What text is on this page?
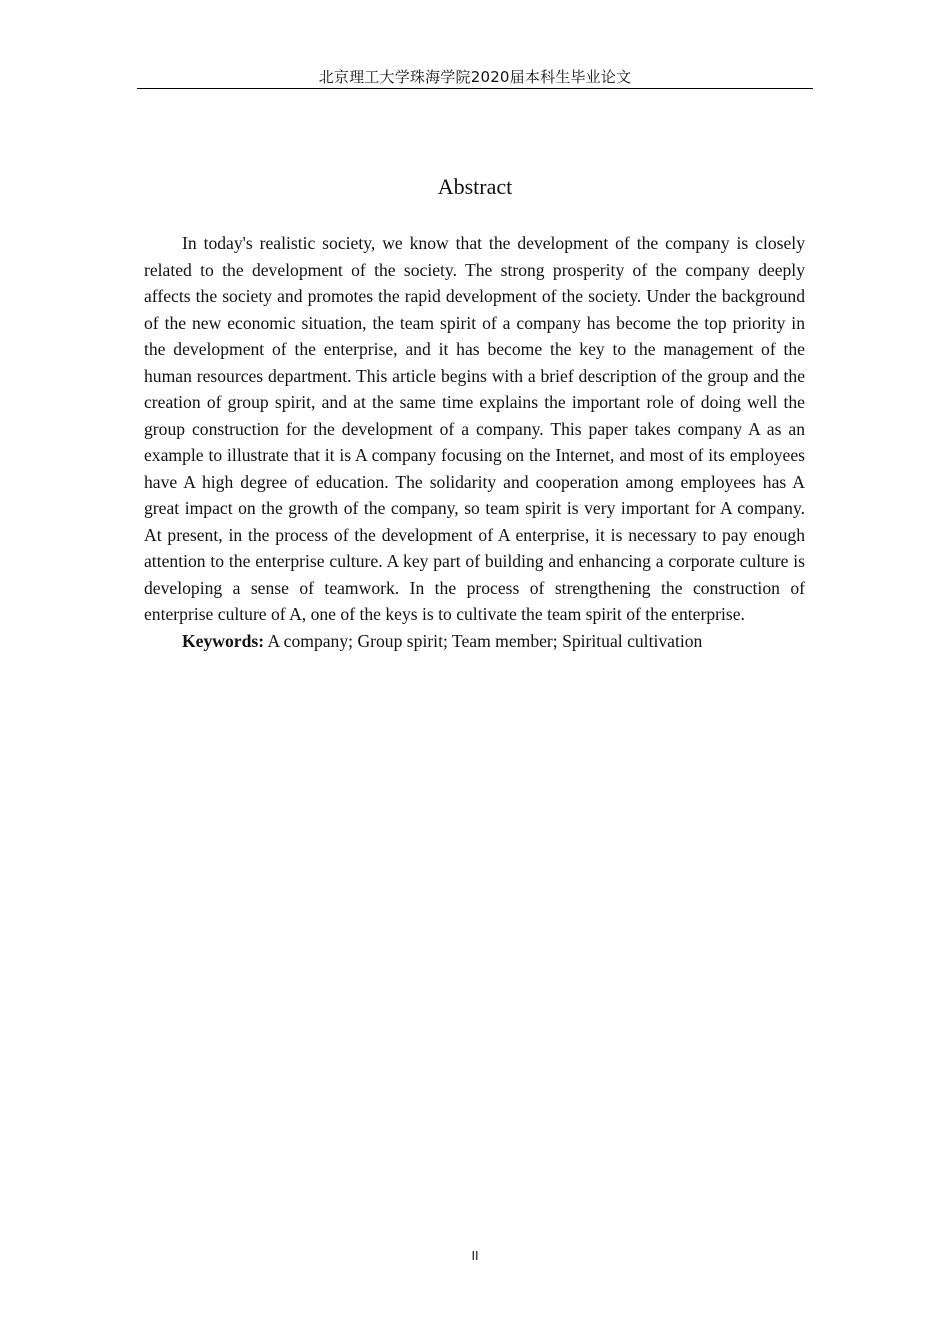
北京理工大学珠海学院2020届本科生毕业论文
Abstract

In today's realistic society, we know that the development of the company is closely related to the development of the society. The strong prosperity of the company deeply affects the society and promotes the rapid development of the society. Under the background of the new economic situation, the team spirit of a company has become the top priority in the development of the enterprise, and it has become the key to the management of the human resources department. This article begins with a brief description of the group and the creation of group spirit, and at the same time explains the important role of doing well the group construction for the development of a company. This paper takes company A as an example to illustrate that it is A company focusing on the Internet, and most of its employees have A high degree of education. The solidarity and cooperation among employees has A great impact on the growth of the company, so team spirit is very important for A company. At present, in the process of the development of A enterprise, it is necessary to pay enough attention to the enterprise culture. A key part of building and enhancing a corporate culture is developing a sense of teamwork. In the process of strengthening the construction of enterprise culture of A, one of the keys is to cultivate the team spirit of the enterprise.

Keywords: A company; Group spirit; Team member; Spiritual cultivation

II
